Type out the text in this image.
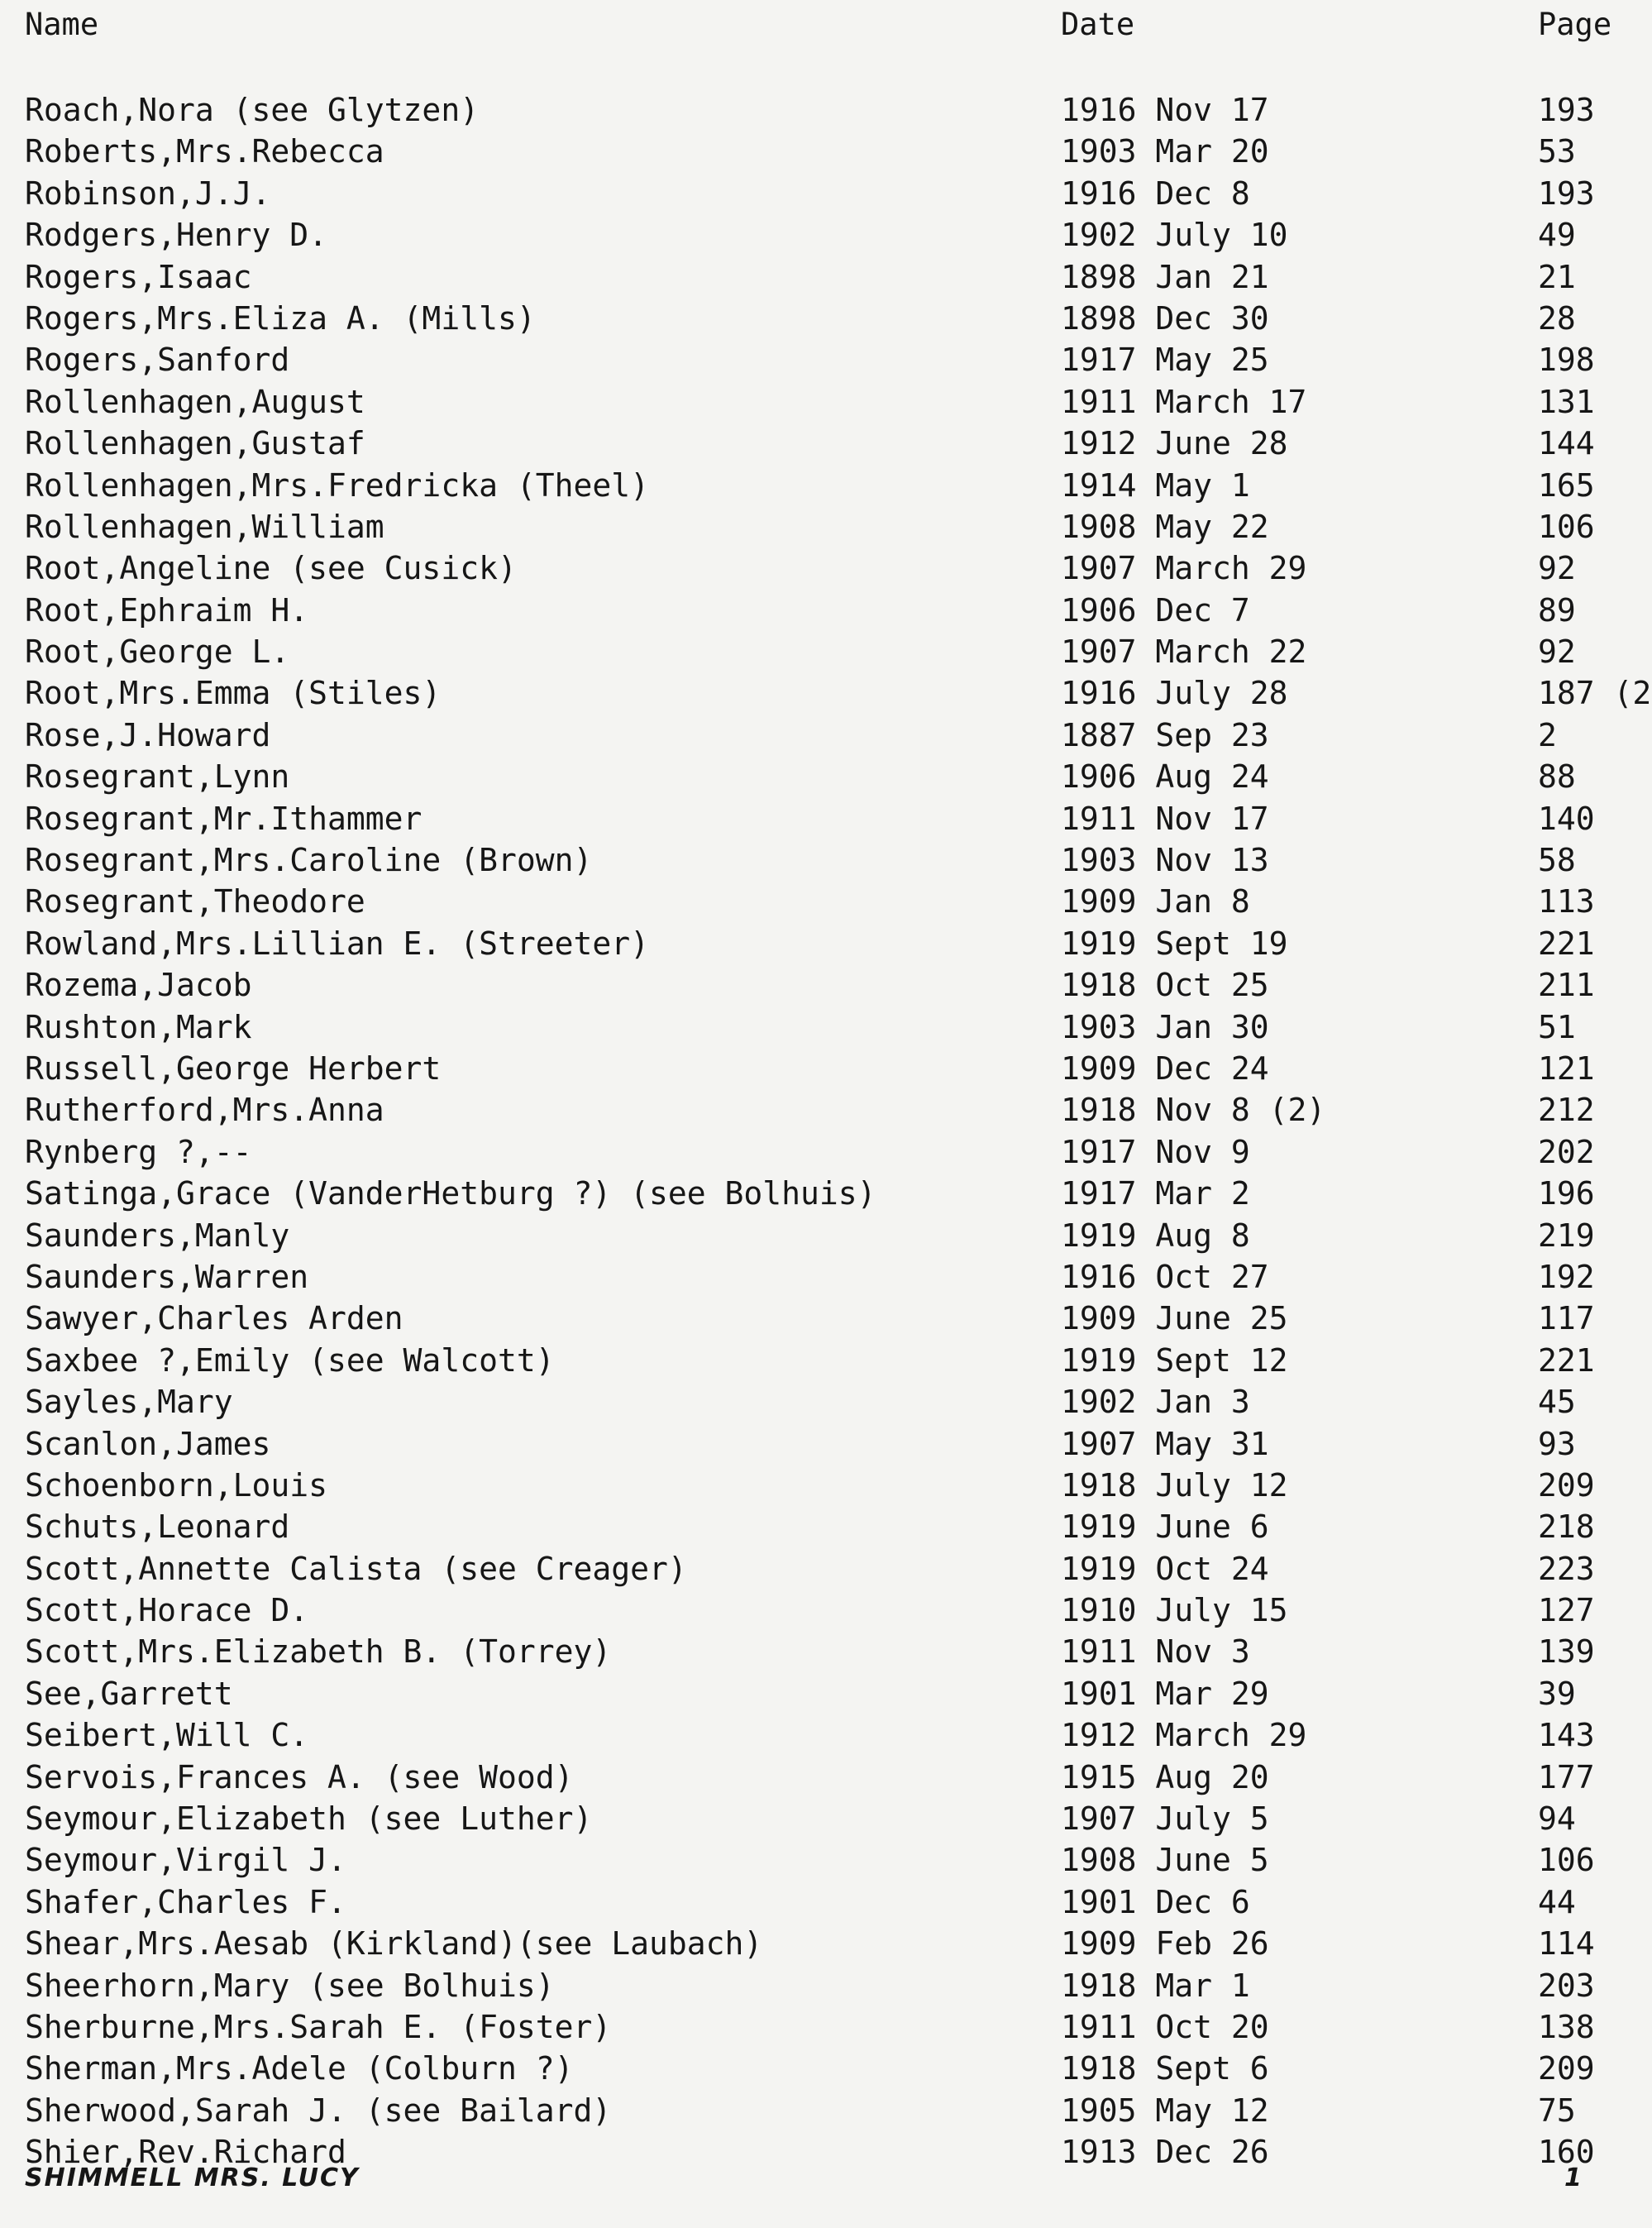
Name	Date	Page
Roach,Nora (see Glytzen)	1916 Nov 17	193
Roberts,Mrs.Rebecca	1903 Mar 20	53
Robinson,J.J.	1916 Dec 8	193
Rodgers,Henry D.	1902 July 10	49
Rogers,Isaac	1898 Jan 21	21
Rogers,Mrs.Eliza A. (Mills)	1898 Dec 30	28
Rogers,Sanford	1917 May 25	198
Rollenhagen,August	1911 March 17	131
Rollenhagen,Gustaf	1912 June 28	144
Rollenhagen,Mrs.Fredricka (Theel)	1914 May 1	165
Rollenhagen,William	1908 May 22	106
Root,Angeline (see Cusick)	1907 March 29	92
Root,Ephraim H.	1906 Dec 7	89
Root,George L.	1907 March 22	92
Root,Mrs.Emma (Stiles)	1916 July 28	187 (2
Rose,J.Howard	1887 Sep 23	2
Rosegrant,Lynn	1906 Aug 24	88
Rosegrant,Mr.Ithammer	1911 Nov 17	140
Rosegrant,Mrs.Caroline (Brown)	1903 Nov 13	58
Rosegrant,Theodore	1909 Jan 8	113
Rowland,Mrs.Lillian E. (Streeter)	1919 Sept 19	221
Rozema,Jacob	1918 Oct 25	211
Rushton,Mark	1903 Jan 30	51
Russell,George Herbert	1909 Dec 24	121
Rutherford,Mrs.Anna	1918 Nov 8 (2)	212
Rynberg ?,--	1917 Nov 9	202
Satinga,Grace (VanderHetburg ?) (see Bolhuis)	1917 Mar 2	196
Saunders,Manly	1919 Aug 8	219
Saunders,Warren	1916 Oct 27	192
Sawyer,Charles Arden	1909 June 25	117
Saxbee ?,Emily (see Walcott)	1919 Sept 12	221
Sayles,Mary	1902 Jan 3	45
Scanlon,James	1907 May 31	93
Schoenborn,Louis	1918 July 12	209
Schuts,Leonard	1919 June 6	218
Scott,Annette Calista (see Creager)	1919 Oct 24	223
Scott,Horace D.	1910 July 15	127
Scott,Mrs.Elizabeth B. (Torrey)	1911 Nov 3	139
See,Garrett	1901 Mar 29	39
Seibert,Will C.	1912 March 29	143
Servois,Frances A. (see Wood)	1915 Aug 20	177
Seymour,Elizabeth (see Luther)	1907 July 5	94
Seymour,Virgil J.	1908 June 5	106
Shafer,Charles F.	1901 Dec 6	44
Shear,Mrs.Aesab (Kirkland)(see Laubach)	1909 Feb 26	114
Sheerhorn,Mary (see Bolhuis)	1918 Mar 1	203
Sherburne,Mrs.Sarah E. (Foster)	1911 Oct 20	138
Sherman,Mrs.Adele (Colburn ?)	1918 Sept 6	209
Sherwood,Sarah J. (see Bailard)	1905 May 12	75
Shier,Rev.Richard	1913 Dec 26	160
SHIMMELL MRS. LUCY	1
